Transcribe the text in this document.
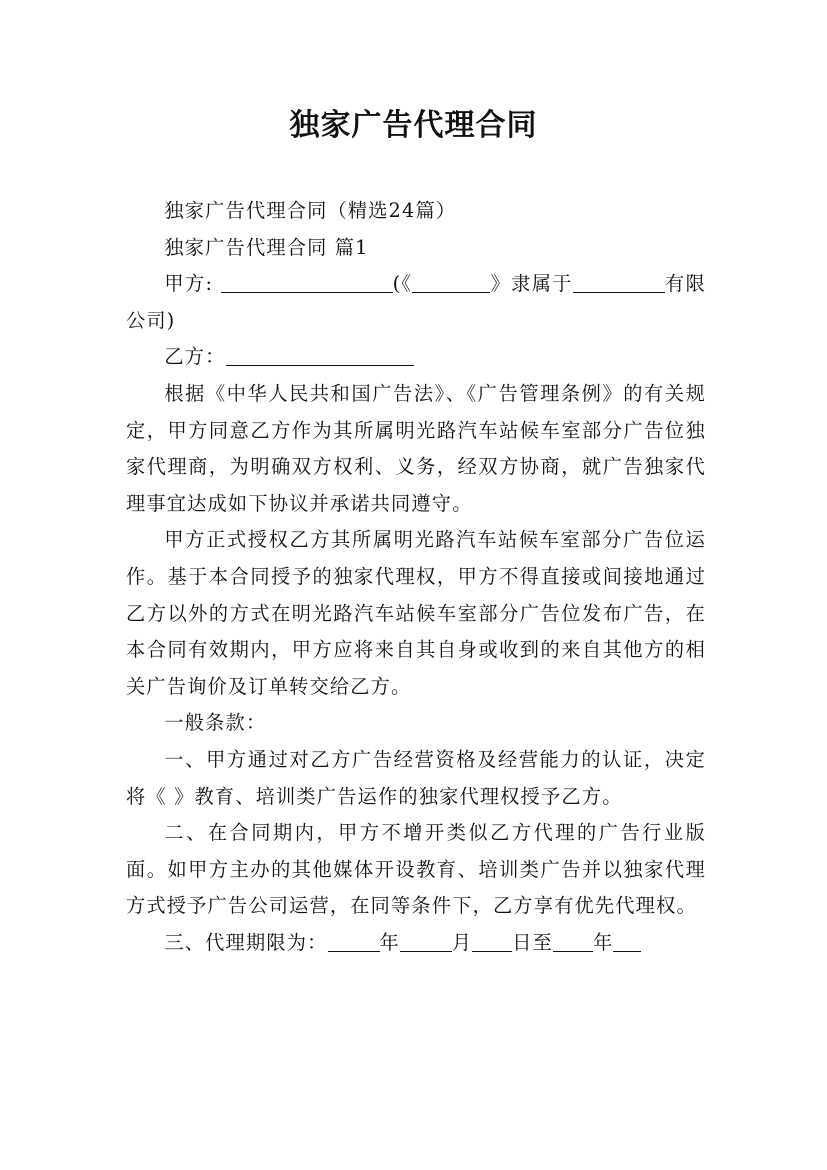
独家广告代理合同

独家广告代理合同（精选24篇）

独家广告代理合同 篇1

甲方:	(《	》隶属于	有限公司)

乙方：

根据《中华人民共和国广告法》、《广告管理条例》的有关规定，甲方同意乙方作为其所属明光路汽车站候车室部分广告位独家代理商，为明确双方权利、义务，经双方协商，就广告独家代理事宜达成如下协议并承诺共同遵守。

甲方正式授权乙方其所属明光路汽车站候车室部分广告位运作。基于本合同授予的独家代理权，甲方不得直接或间接地通过乙方以外的方式在明光路汽车站候车室部分广告位发布广告，在本合同有效期内，甲方应将来自其自身或收到的来自其他方的相关广告询价及订单转交给乙方。

一般条款：

一、甲方通过对乙方广告经营资格及经营能力的认证，决定将《 》教育、培训类广告运作的独家代理权授予乙方。

二、在合同期内，甲方不增开类似乙方代理的广告行业版面。如甲方主办的其他媒体开设教育、培训类广告并以独家代理方式授予广告公司运营，在同等条件下，乙方享有优先代理权。

三、代理期限为：	年	月 日至 年
